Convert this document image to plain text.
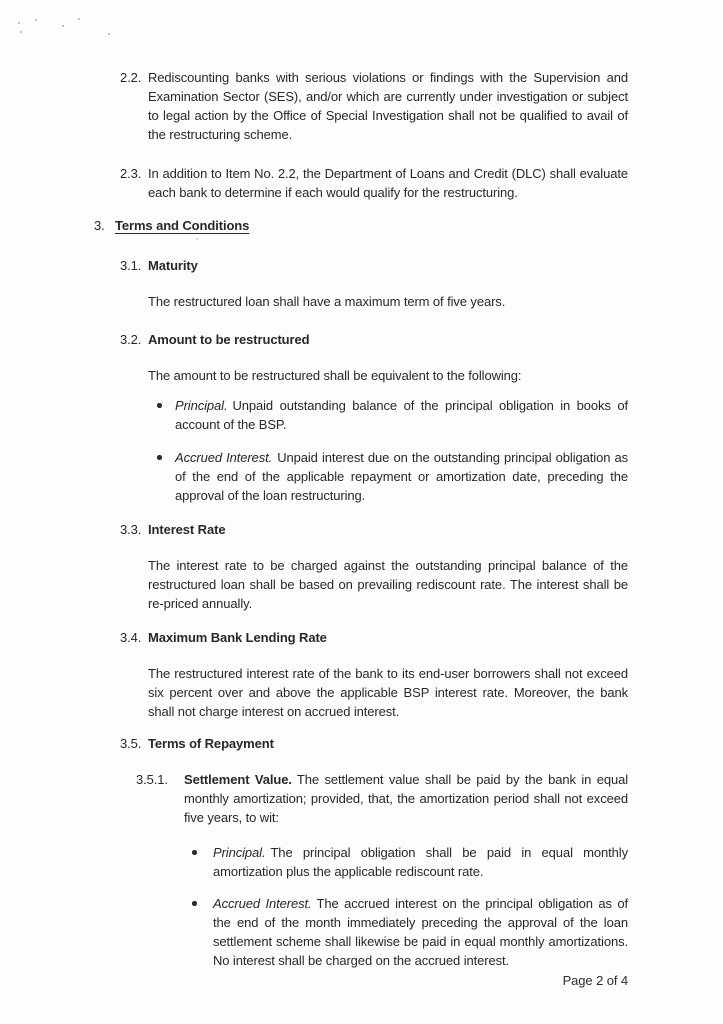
2.2. Rediscounting banks with serious violations or findings with the Supervision and Examination Sector (SES), and/or which are currently under investigation or subject to legal action by the Office of Special Investigation shall not be qualified to avail of the restructuring scheme.

2.3. In addition to Item No. 2.2, the Department of Loans and Credit (DLC) shall evaluate each bank to determine if each would qualify for the restructuring.

3. Terms and Conditions
3.1. Maturity

The restructured loan shall have a maximum term of five years.

3.2. Amount to be restructured

The amount to be restructured shall be equivalent to the following:

Principal. Unpaid outstanding balance of the principal obligation in books of account of the BSP.

Accrued Interest. Unpaid interest due on the outstanding principal obligation as of the end of the applicable repayment or amortization date, preceding the approval of the loan restructuring.

3.3. Interest Rate

The interest rate to be charged against the outstanding principal balance of the restructured loan shall be based on prevailing rediscount rate. The interest shall be re-priced annually.

3.4. Maximum Bank Lending Rate

The restructured interest rate of the bank to its end-user borrowers shall not exceed six percent over and above the applicable BSP interest rate. Moreover, the bank shall not charge interest on accrued interest.

3.5. Terms of Repayment
3.5.1.	Settlement Value. The settlement value shall be paid by the bank in equal monthly amortization; provided, that, the amortization period shall not exceed five years, to wit:

Principal. The principal obligation shall be paid in equal monthly amortization plus the applicable rediscount rate.

Accrued Interest. The accrued interest on the principal obligation as of the end of the month immediately preceding the approval of the loan settlement scheme shall likewise be paid in equal monthly amortizations. No interest shall be charged on the accrued interest.

Page 2 of 4
